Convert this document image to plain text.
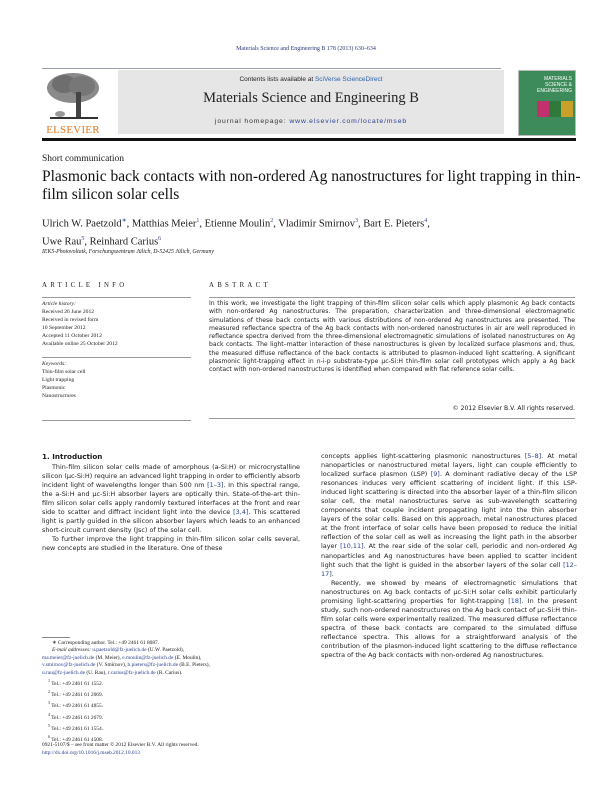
Materials Science and Engineering B 178 (2013) 630–634
ELSEVIER
Contents lists available at SciVerse ScienceDirect
Materials Science and Engineering B
journal homepage: www.elsevier.com/locate/mseb
MATERIALS
SCIENCE &
ENGINEERING
Short communication
Plasmonic back contacts with non-ordered Ag nanostructures for light trapping in thin-film silicon solar cells
Ulrich W. Paetzold∗, Matthias Meier$^1$, Etienne Moulin$^2$, Vladimir Smirnov$^3$, Bart E. Pieters$^4$,
Uwe Rau$^5$, Reinhard Carius$^6$
IEK5-Photovoltaik, Forschungszentrum Jülich, D-52425 Jülich, Germany
ARTICLE INFO	ABSTRACT
Article history:
Received 26 June 2012
Received in revised form
10 September 2012
Accepted 11 October 2012
Available online 25 October 2012
Keywords:
Thin-film solar cell
Light trapping
Plasmonic
Nanostructures
In this work, we investigate the light trapping of thin-film silicon solar cells which apply plasmonic Ag back contacts with non-ordered Ag nanostructures. The preparation, characterization and three-dimensional electromagnetic simulations of these back contacts with various distributions of non-ordered Ag nanostructures are presented. The measured reflectance spectra of the Ag back contacts with non-ordered nanostructures in air are well reproduced in reflectance spectra derived from the three-dimensional electromagnetic simulations of isolated nanostructures on Ag back contacts. The light–matter interaction of these nanostructures is given by localized surface plasmons and, thus, the measured diffuse reflectance of the back contacts is attributed to plasmon-induced light scattering. A significant plasmonic light-trapping effect in n-i-p substrate-type μc-Si:H thin-film solar cell prototypes which apply a Ag back contact with non-ordered nanostructures is identified when compared with flat reference solar cells.
© 2012 Elsevier B.V. All rights reserved.
1. Introduction

Thin-film silicon solar cells made of amorphous (a-Si:H) or microcrystalline silicon (μc-Si:H) require an advanced light trapping in order to efficiently absorb incident light of wavelengths longer than 500 nm [1–3]. In this spectral range, the a-Si:H and μc-Si:H absorber layers are optically thin. State-of-the-art thin-film silicon solar cells apply randomly textured interfaces at the front and rear side to scatter and diffract incident light into the device [3,4]. This scattered light is partly guided in the silicon absorber layers which leads to an enhanced short-circuit current density (Jsc) of the solar cell.

To further improve the light trapping in thin-film silicon solar cells several, new concepts are studied in the literature. One of these

concepts applies light-scattering plasmonic nanostructures [5–8]. At metal nanoparticles or nanostructured metal layers, light can couple efficiently to localized surface plasmon (LSP) [9]. A dominant radiative decay of the LSP resonances induces very efficient scattering of incident light. If this LSP-induced light scattering is directed into the absorber layer of a thin-film silicon solar cell, the metal nanostructures serve as sub-wavelength scattering components that couple incident propagating light into the thin absorber layers of the solar cells. Based on this approach, metal nanostructures placed at the front interface of solar cells have been proposed to reduce the initial reflection of the solar cell as well as increasing the light path in the absorber layer [10,11]. At the rear side of the solar cell, periodic and non-ordered Ag nanoparticles and Ag nanostructures have been applied to scatter incident light such that the light is guided in the absorber layers of the solar cell [12–17].

Recently, we showed by means of electromagnetic simulations that nanostructures on Ag back contacts of μc-Si:H solar cells exhibit particularly promising light-scattering properties for light-trapping [18]. In the present study, such non-ordered nanostructures on the Ag back contact of μc-Si:H thin-film solar cells were experimentally realized. The measured diffuse reflectance spectra of these back contacts are compared to the simulated diffuse reflectance spectra. This allows for a straightforward analysis of the contribution of the plasmon-induced light scattering to the diffuse reflectance spectra of the Ag back contacts with non-ordered Ag nanostructures.

∗ Corresponding author. Tel.: +49 2461 61 8087.
E-mail addresses: u.paetzold@fz-juelich.de (U.W. Paetzold),
ma.meier@fz-juelich.de (M. Meier), e.moulin@fz-juelich.de (E. Moulin),
v.smirnov@fz-juelich.de (V. Smirnov), b.pieters@fz-juelich.de (B.E. Pieters),
u.rau@fz-juelich.de (U. Rau), r.carius@fz-juelich.de (R. Carius).
$^1$ Tel.: +49 2461 61 1552.
$^2$ Tel.: +49 2461 61 2069.
$^3$ Tel.: +49 2461 61 4855.
$^4$ Tel.: +49 2461 61 2679.
$^5$ Tel.: +49 2461 61 1554.
$^6$ Tel.: +49 2461 61 4508.
0921-5107/$ – see front matter © 2012 Elsevier B.V. All rights reserved.
http://dx.doi.org/10.1016/j.mseb.2012.10.013
